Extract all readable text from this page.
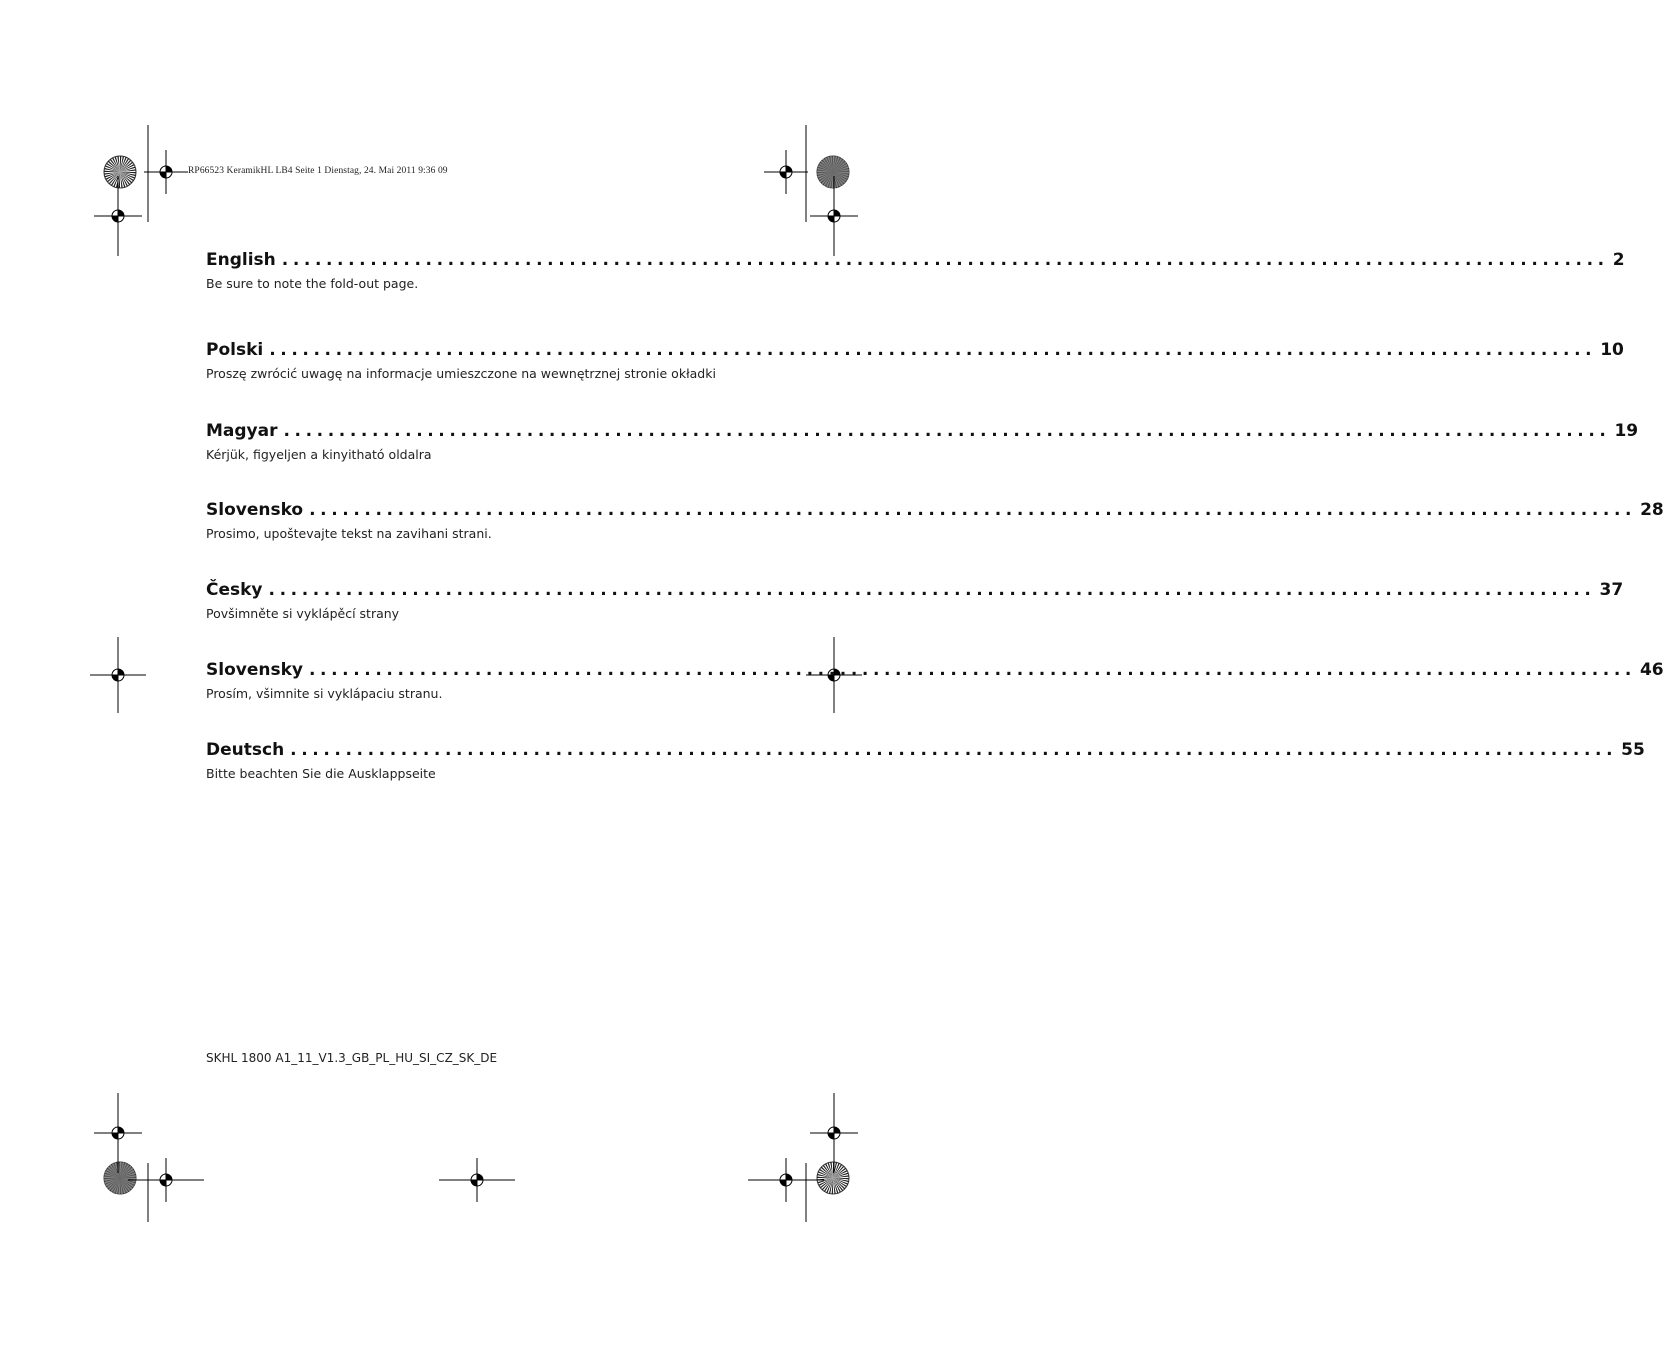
RP66523 KeramikHL LB4 Seite 1 Dienstag, 24. Mai 2011 9:36 09
English ........................................................................................................................ 2
Be sure to note the fold-out page.
Polski ........................................................................................................................ 10
Proszę zwrócić uwagę na informacje umieszczone na wewnętrznej stronie okładki
Magyar ........................................................................................................................ 19
Kérjük, figyeljen a kinyitható oldalra
Slovensko ........................................................................................................................ 28
Prosimo, upoštevajte tekst na zavihani strani.
Česky ........................................................................................................................ 37
Povšimněte si vyklápěcí strany
Slovensky ........................................................................................................................ 46
Prosím, všimnite si vyklápaciu stranu.
Deutsch ........................................................................................................................ 55
Bitte beachten Sie die Ausklappseite
SKHL 1800 A1_11_V1.3_GB_PL_HU_SI_CZ_SK_DE
